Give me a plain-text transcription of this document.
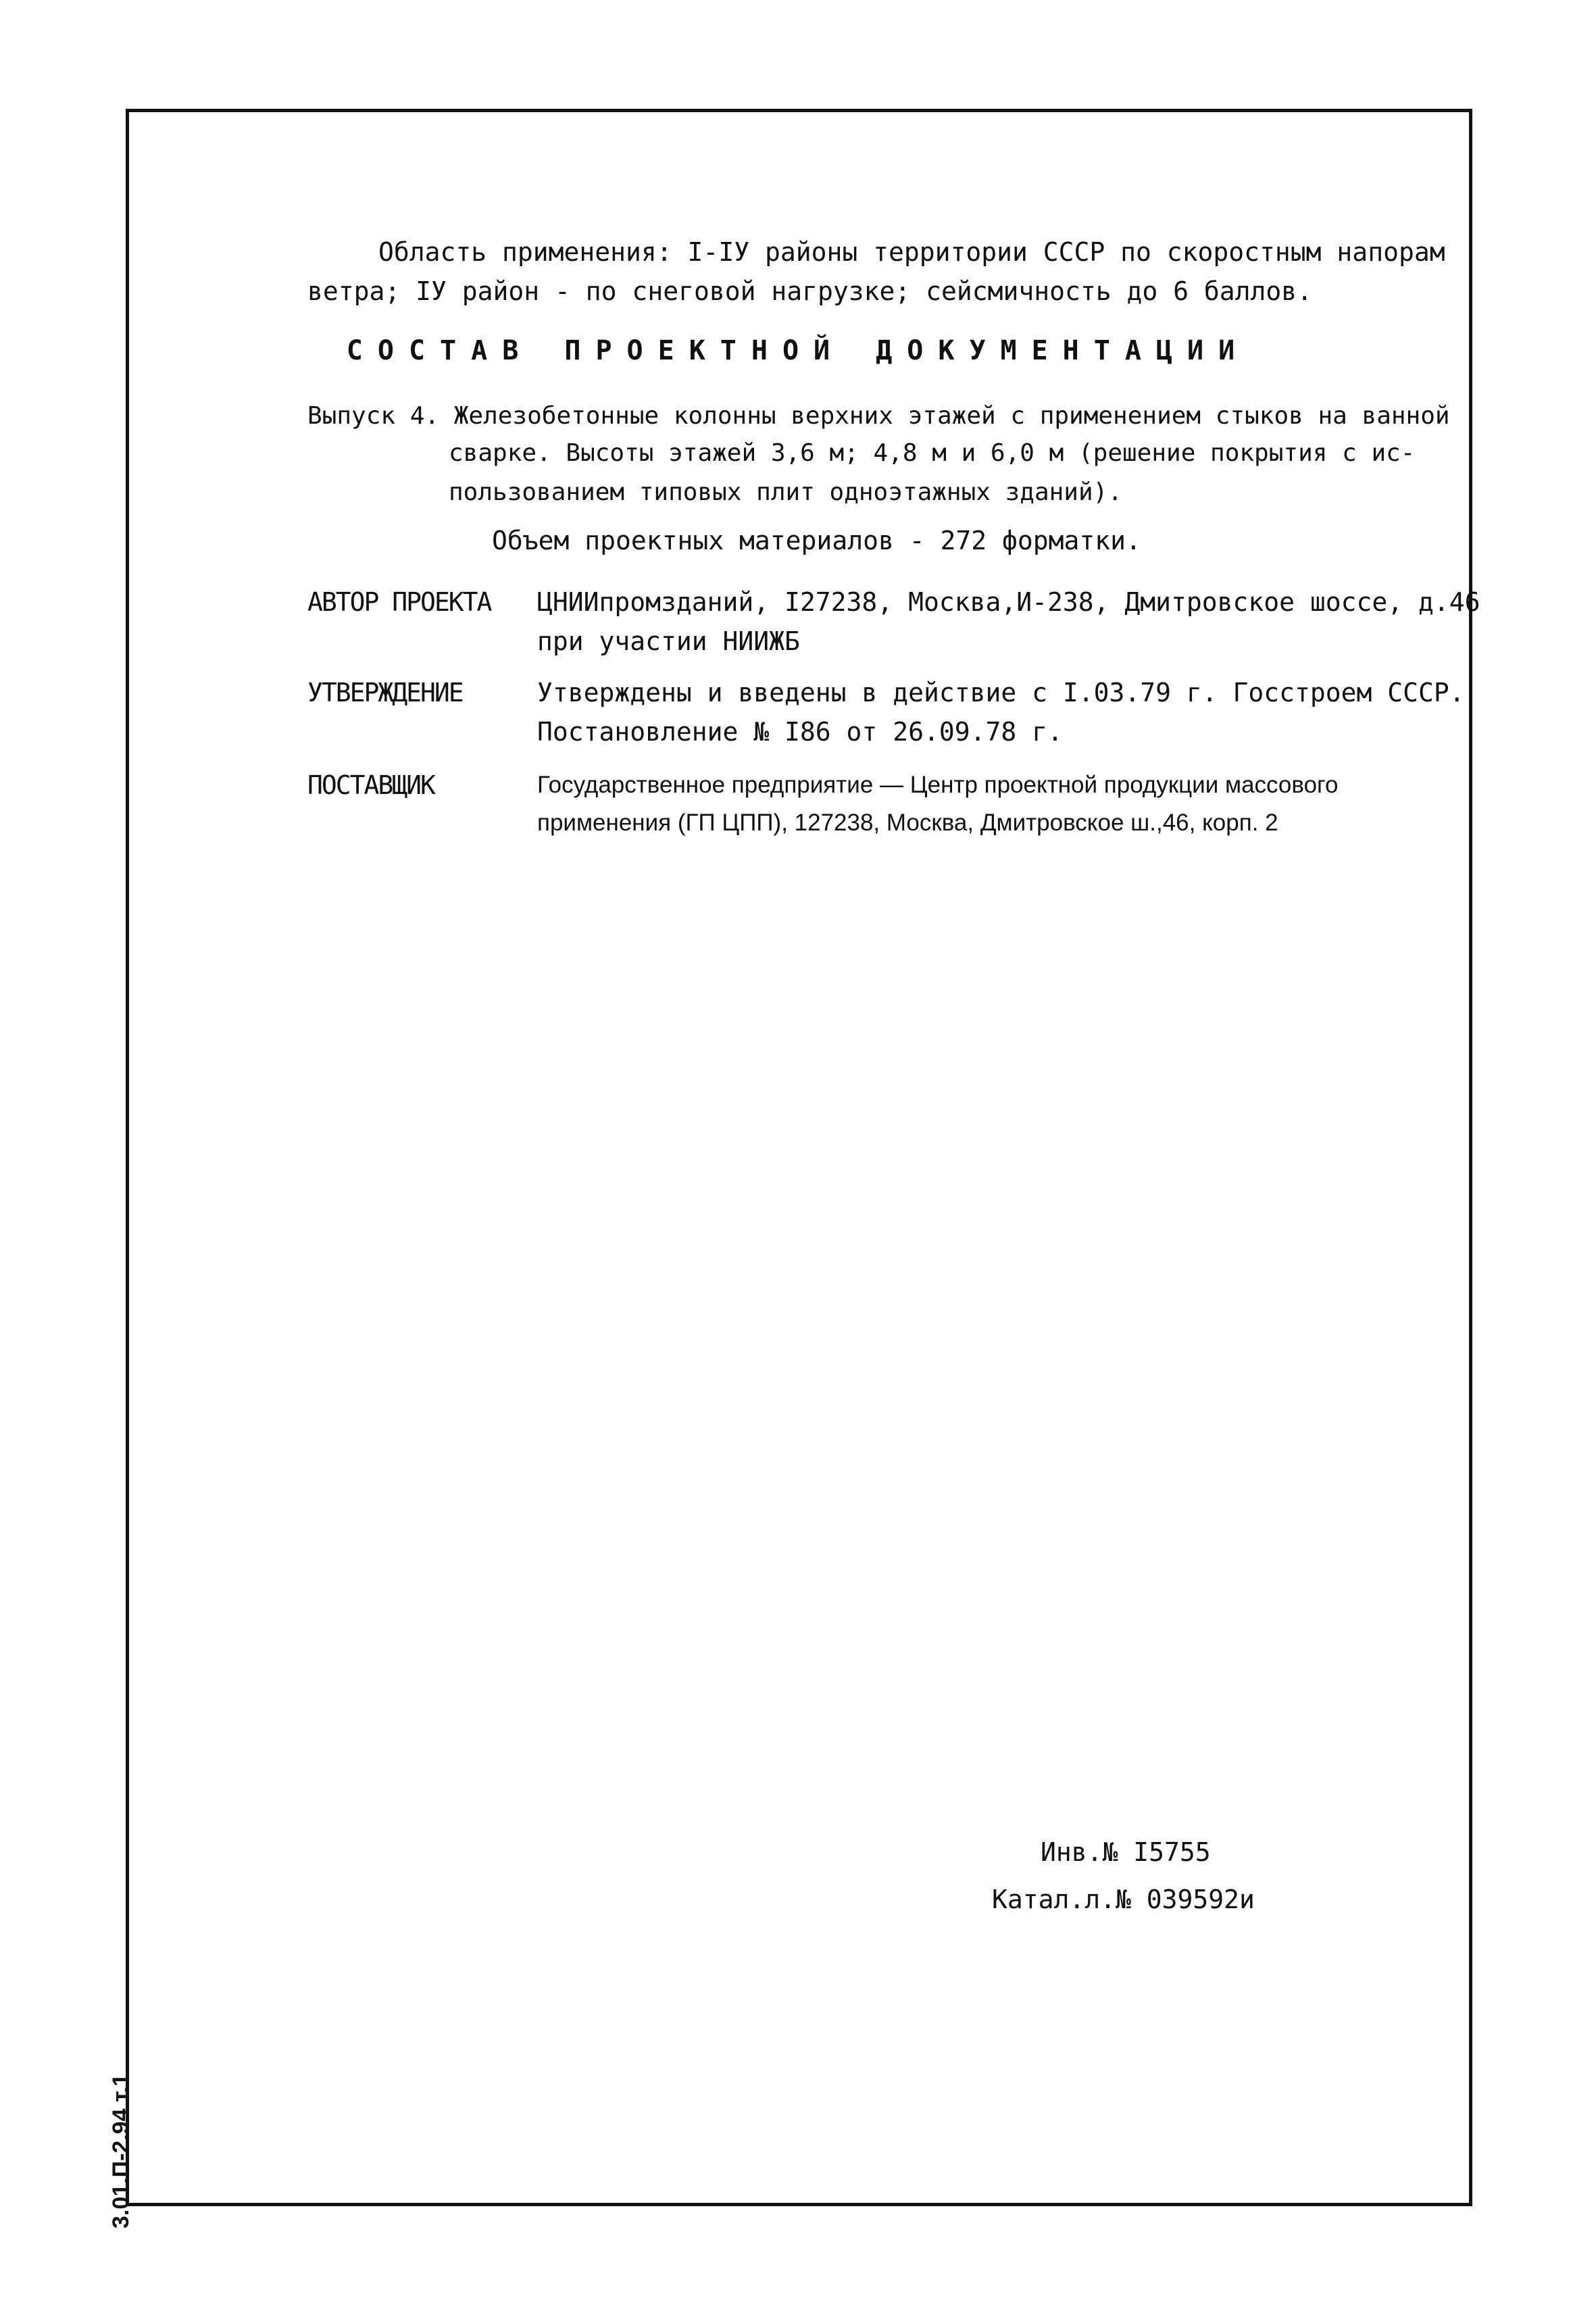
Область применения: I-IУ районы территории СССР по скоростным напорам
ветра; IУ район - по снеговой нагрузке; сейсмичность до 6 баллов.
СОСТАВ ПРОЕКТНОЙ ДОКУМЕНТАЦИИ
Выпуск 4. Железобетонные колонны верхних этажей с применением стыков на ванной
сварке. Высоты этажей 3,6 м; 4,8 м и 6,0 м (решение покрытия с ис-
пользованием типовых плит одноэтажных зданий).
Объем проектных материалов - 272 форматки.
АВТОР ПРОЕКТА ЦНИИпромзданий, I27238, Москва,И-238, Дмитровское шоссе, д.46
при участии НИИЖБ
УТВЕРЖДЕНИЕ	Утверждены и введены в действие с I.03.79 г. Госстроем СССР.
Постановление № I86 от 26.09.78 г.
ПОСТАВЩИК	Государственное предприятие — Центр проектной продукции массового
применения (ГП ЦПП), 127238, Москва, Дмитровское ш.,46, корп. 2
Инв.№ I5755
Катал.л.№ 039592и
3.01.П-2.94 т.1
